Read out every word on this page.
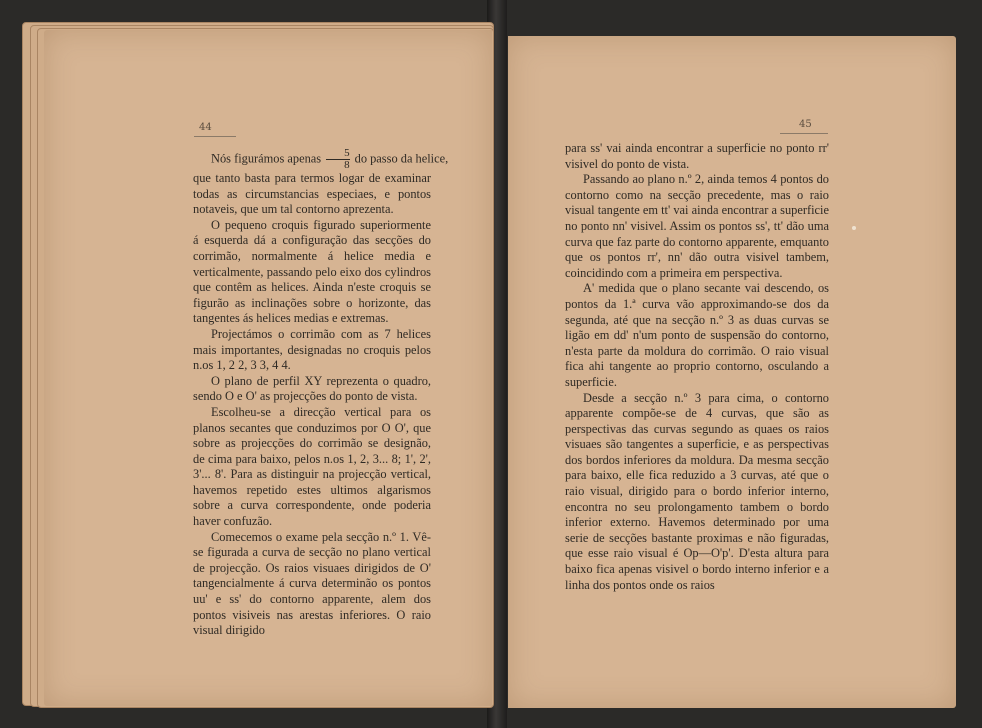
44

Nós figurámos apenas $\frac{5}{8}$ do passo da helice,

que tanto basta para termos logar de examinar todas as circumstancias especiaes, e pontos notaveis, que um tal contorno aprezenta.

O pequeno croquis figurado superiormente á esquerda dá a configuração das secções do corrimão, normalmente á helice media e verticalmente, passando pelo eixo dos cylindros que contêm as helices. Ainda n'este croquis se figurão as inclinações sobre o horizonte, das tangentes ás helices medias e extremas.

Projectámos o corrimão com as 7 helices mais importantes, designadas no croquis pelos n.os 1, 2 2, 3 3, 4 4.

O plano de perfil XY reprezenta o quadro, sendo O e O' as projecções do ponto de vista.

Escolheu-se a direcção vertical para os planos secantes que conduzimos por O O', que sobre as projecções do corrimão se designão, de cima para baixo, pelos n.os 1, 2, 3... 8; 1', 2', 3'... 8'. Para as distinguir na projecção vertical, havemos repetido estes ultimos algarismos sobre a curva correspondente, onde poderia haver confuzão.

Comecemos o exame pela secção n.º 1. Vê-se figurada a curva de secção no plano vertical de projecção. Os raios visuaes dirigidos de O' tangencialmente á curva determinão os pontos uu' e ss' do contorno apparente, alem dos pontos visiveis nas arestas inferiores. O raio visual dirigido

45

para ss' vai ainda encontrar a superficie no ponto rr' visivel do ponto de vista.

Passando ao plano n.º 2, ainda temos 4 pontos do contorno como na secção precedente, mas o raio visual tangente em tt' vai ainda encontrar a superficie no ponto nn' visivel. Assim os pontos ss', tt' dão uma curva que faz parte do contorno apparente, emquanto que os pontos rr', nn' dão outra visivel tambem, coincidindo com a primeira em perspectiva.

A' medida que o plano secante vai descendo, os pontos da 1.ª curva vão approximando-se dos da segunda, até que na secção n.º 3 as duas curvas se ligão em dd' n'um ponto de suspensão do contorno, n'esta parte da moldura do corrimão. O raio visual fica ahi tangente ao proprio contorno, osculando a superficie.

Desde a secção n.º 3 para cima, o contorno apparente compõe-se de 4 curvas, que são as perspectivas das curvas segundo as quaes os raios visuaes são tangentes a superficie, e as perspectivas dos bordos inferiores da moldura. Da mesma secção para baixo, elle fica reduzido a 3 curvas, até que o raio visual, dirigido para o bordo inferior interno, encontra no seu prolongamento tambem o bordo inferior externo. Havemos determinado por uma serie de secções bastante proximas e não figuradas, que esse raio visual é Op—O'p'. D'esta altura para baixo fica apenas visivel o bordo interno inferior e a linha dos pontos onde os raios
